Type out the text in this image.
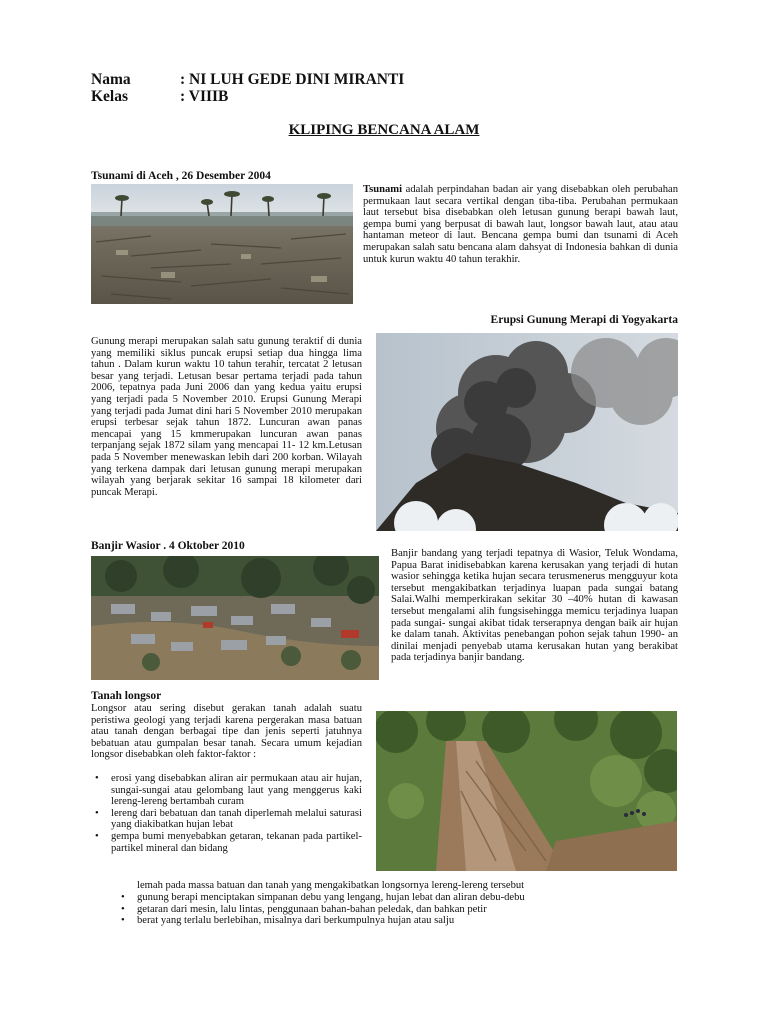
Nama	: NI LUH GEDE DINI MIRANTI
Kelas	: VIIIB
KLIPING BENCANA ALAM
Tsunami di Aceh , 26 Desember 2004
Tsunami adalah perpindahan badan air yang disebabkan oleh perubahan permukaan laut secara vertikal dengan tiba-tiba. Perubahan permukaan laut tersebut bisa disebabkan oleh letusan gunung berapi bawah laut, gempa bumi yang berpusat di bawah laut, longsor bawah laut, atau atau hantaman meteor di laut. Bencana gempa bumi dan tsunami di Aceh merupakan salah satu bencana alam dahsyat di Indonesia bahkan di dunia untuk kurun waktu 40 tahun terakhir.
Erupsi Gunung Merapi di Yogyakarta
Gunung merapi merupakan salah satu gunung teraktif di dunia yang memiliki siklus puncak erupsi setiap dua hingga lima tahun . Dalam kurun waktu 10 tahun terahir, tercatat 2 letusan besar yang terjadi. Letusan besar pertama terjadi pada tahun 2006, tepatnya pada Juni 2006 dan yang kedua yaitu erupsi yang terjadi pada 5 November 2010. Erupsi Gunung Merapi yang terjadi pada Jumat dini hari 5 November 2010 merupakan erupsi terbesar sejak tahun 1872. Luncuran awan panas mencapai yang 15 kmmerupakan luncuran awan panas terpanjang sejak 1872 silam yang mencapai 11- 12 km.Letusan pada 5 November menewaskan lebih dari 200 korban. Wilayah yang terkena dampak dari letusan gunung merapi merupakan wilayah yang berjarak sekitar 16 sampai 18 kilometer dari puncak Merapi.
Banjir Wasior . 4 Oktober 2010
Banjir bandang yang terjadi tepatnya di Wasior, Teluk Wondama, Papua Barat inidisebabkan karena kerusakan yang terjadi di hutan wasior sehingga ketika hujan secara terusmenerus mengguyur kota tersebut mengakibatkan terjadinya luapan pada sungai batang Salai.Walhi memperkirakan sekitar 30 –40% hutan di kawasan tersebut mengalami alih fungsisehingga memicu terjadinya luapan pada sungai- sungai akibat tidak terserapnya dengan baik air hujan ke dalam tanah. Aktivitas penebangan pohon sejak tahun 1990- an dinilai menjadi penyebab utama kerusakan hutan yang berakibat pada terjadinya banjir bandang.
Tanah longsor
Longsor atau sering disebut gerakan tanah adalah suatu peristiwa geologi yang terjadi karena pergerakan masa batuan atau tanah dengan berbagai tipe dan jenis seperti jatuhnya bebatuan atau gumpalan besar tanah. Secara umum kejadian longsor disebabkan oleh faktor-faktor :
• erosi yang disebabkan aliran air permukaan atau air hujan, sungai-sungai atau gelombang laut yang menggerus kaki lereng-lereng bertambah curam
• lereng dari bebatuan dan tanah diperlemah melalui saturasi yang diakibatkan hujan lebat
• gempa bumi menyebabkan getaran, tekanan pada partikel-partikel mineral dan bidang
lemah pada massa batuan dan tanah yang mengakibatkan longsornya lereng-lereng tersebut
• gunung berapi menciptakan simpanan debu yang lengang, hujan lebat dan aliran debu-debu
• getaran dari mesin, lalu lintas, penggunaan bahan-bahan peledak, dan bahkan petir
• berat yang terlalu berlebihan, misalnya dari berkumpulnya hujan atau salju
